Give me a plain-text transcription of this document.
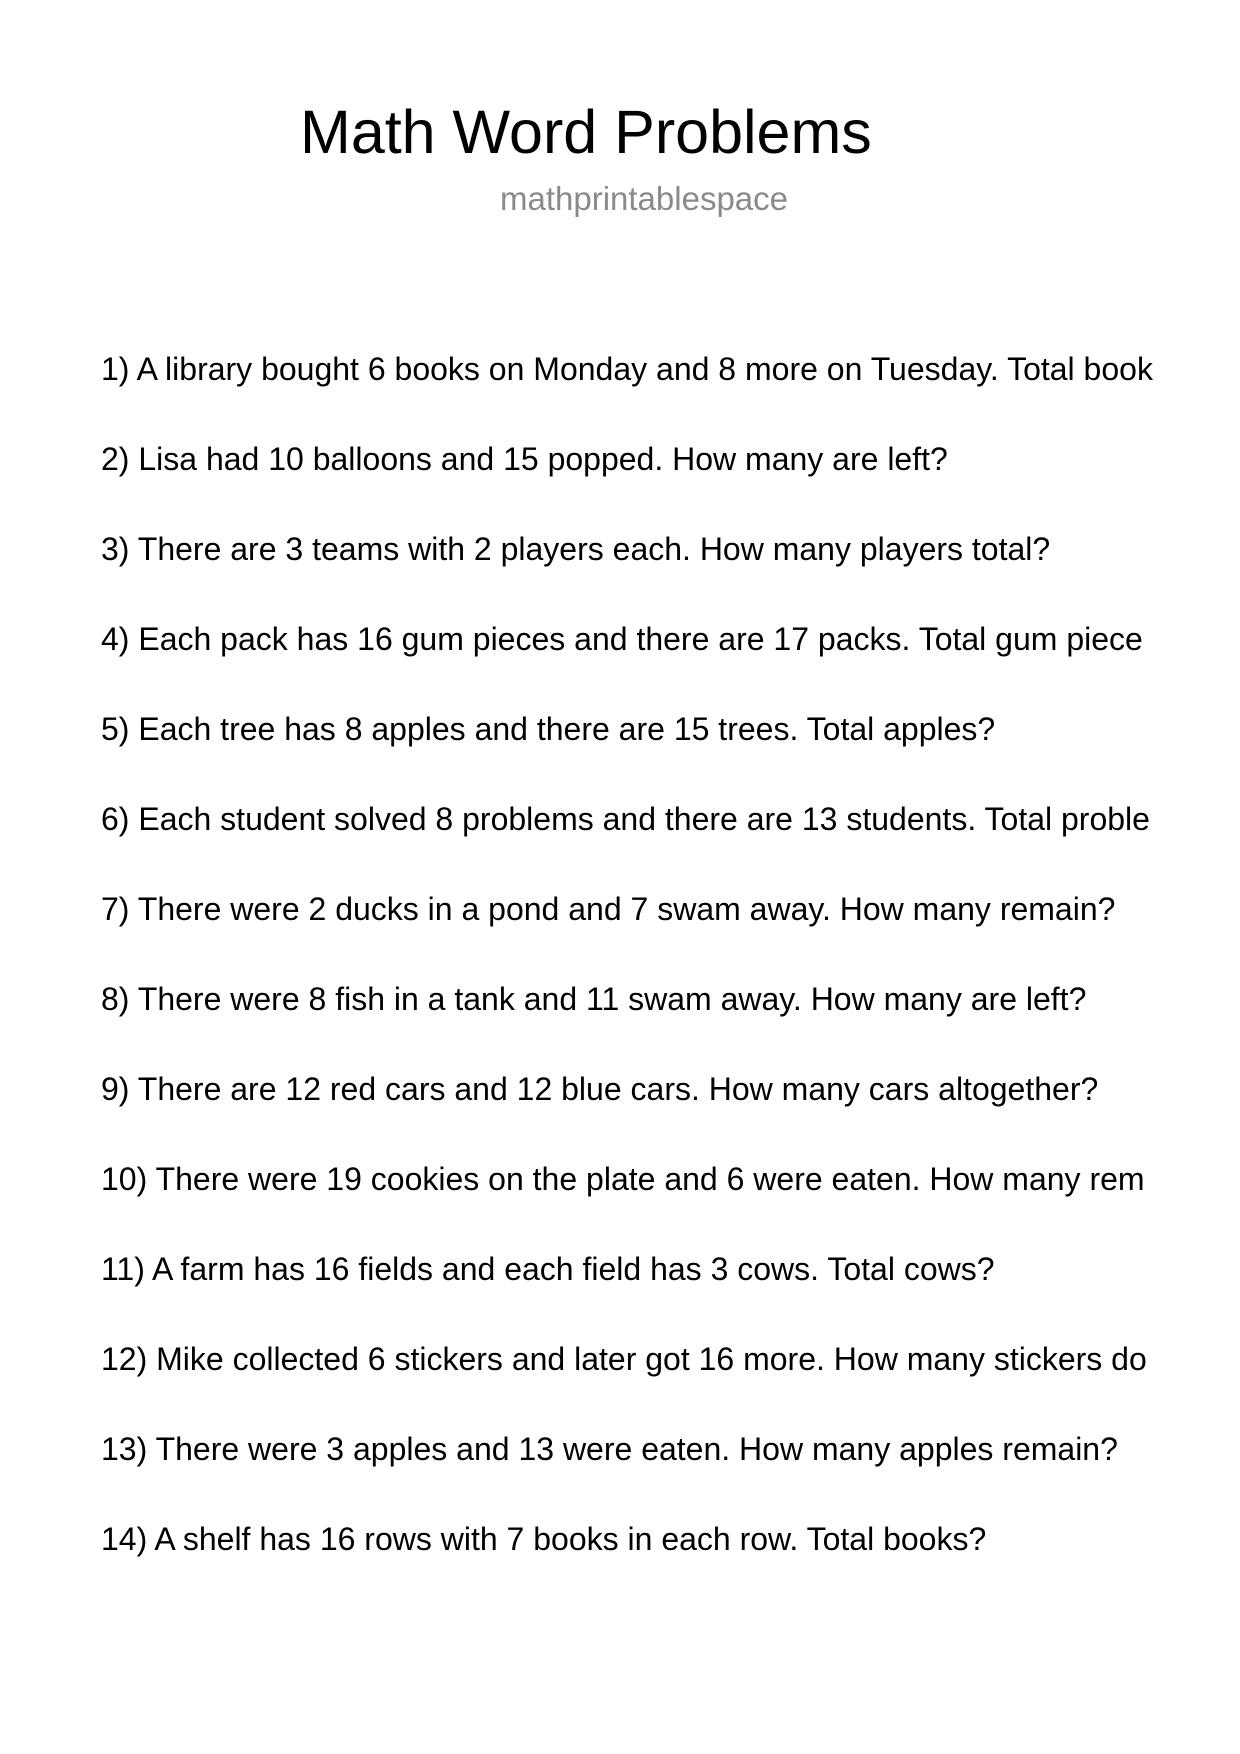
Math Word Problems
mathprintablespace
1) A library bought 6 books on Monday and 8 more on Tuesday. Total book
2) Lisa had 10 balloons and 15 popped. How many are left?
3) There are 3 teams with 2 players each. How many players total?
4) Each pack has 16 gum pieces and there are 17 packs. Total gum piece
5) Each tree has 8 apples and there are 15 trees. Total apples?
6) Each student solved 8 problems and there are 13 students. Total proble
7) There were 2 ducks in a pond and 7 swam away. How many remain?
8) There were 8 fish in a tank and 11 swam away. How many are left?
9) There are 12 red cars and 12 blue cars. How many cars altogether?
10) There were 19 cookies on the plate and 6 were eaten. How many rem
11) A farm has 16 fields and each field has 3 cows. Total cows?
12) Mike collected 6 stickers and later got 16 more. How many stickers do
13) There were 3 apples and 13 were eaten. How many apples remain?
14) A shelf has 16 rows with 7 books in each row. Total books?
